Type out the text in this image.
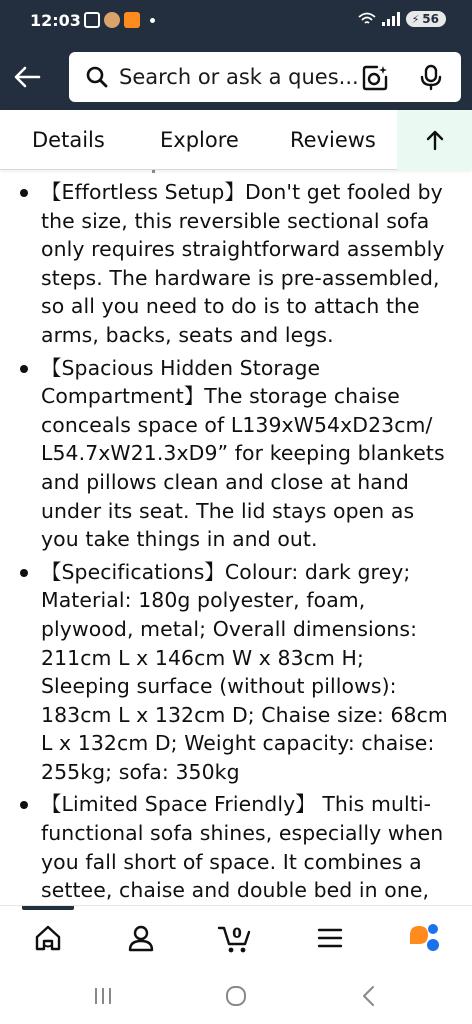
12:03	⚡ 56
Search or ask a ques...
Details	Explore Reviews
【Effortless Setup】Don't get fooled by the size, this reversible sectional sofa only requires straightforward assembly steps. The hardware is pre-assembled, so all you need to do is to attach the arms, backs, seats and legs.
【Spacious Hidden Storage Compartment】The storage chaise conceals space of L139xW54xD23cm/ L54.7xW21.3xD9” for keeping blankets and pillows clean and close at hand under its seat. The lid stays open as you take things in and out.
【Specifications】Colour: dark grey; Material: 180g polyester, foam, plywood, metal; Overall dimensions: 211cm L x 146cm W x 83cm H; Sleeping surface (without pillows): 183cm L x 132cm D; Chaise size: 68cm L x 132cm D; Weight capacity: chaise: 255kg; sofa: 350kg
【Limited Space Friendly】 This multi-functional sofa shines, especially when you fall short of space. It combines a settee, chaise and double bed in one,
0
